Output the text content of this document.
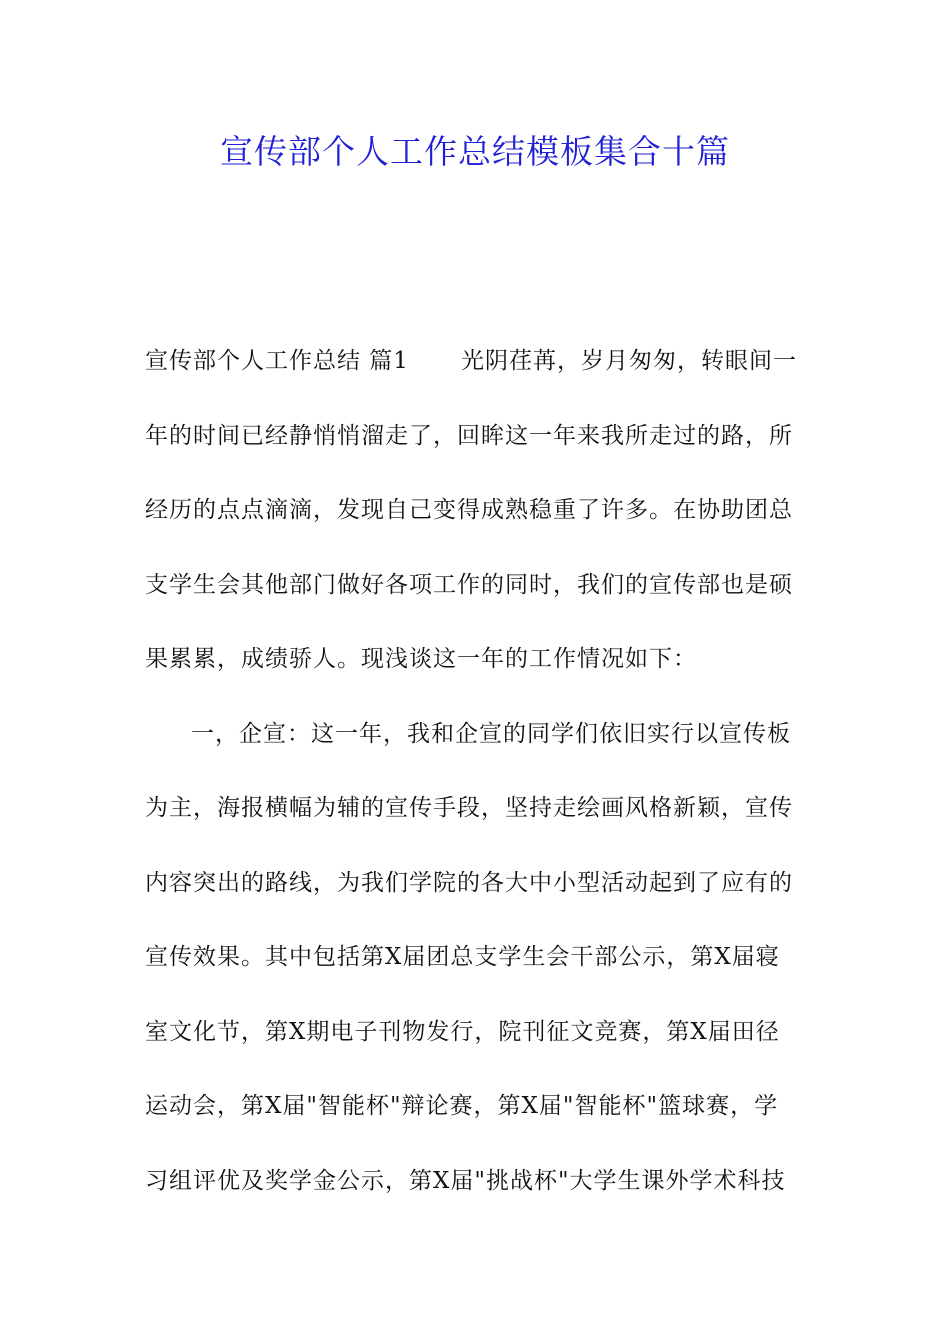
宣传部个人工作总结模板集合十篇
宣传部个人工作总结 篇1 光阴荏苒，岁月匆匆，转眼间一
年的时间已经静悄悄溜走了，回眸这一年来我所走过的路，所
经历的点点滴滴，发现自己变得成熟稳重了许多。在协助团总
支学生会其他部门做好各项工作的同时，我们的宣传部也是硕
果累累，成绩骄人。现浅谈这一年的工作情况如下：
一，企宣：这一年，我和企宣的同学们依旧实行以宣传板
为主，海报横幅为辅的宣传手段，坚持走绘画风格新颖，宣传
内容突出的路线，为我们学院的各大中小型活动起到了应有的
宣传效果。其中包括第X届团总支学生会干部公示，第X届寝
室文化节，第X期电子刊物发行，院刊征文竞赛，第X届田径
运动会，第X届"智能杯"辩论赛，第X届"智能杯"篮球赛，学
习组评优及奖学金公示，第X届"挑战杯"大学生课外学术科技
